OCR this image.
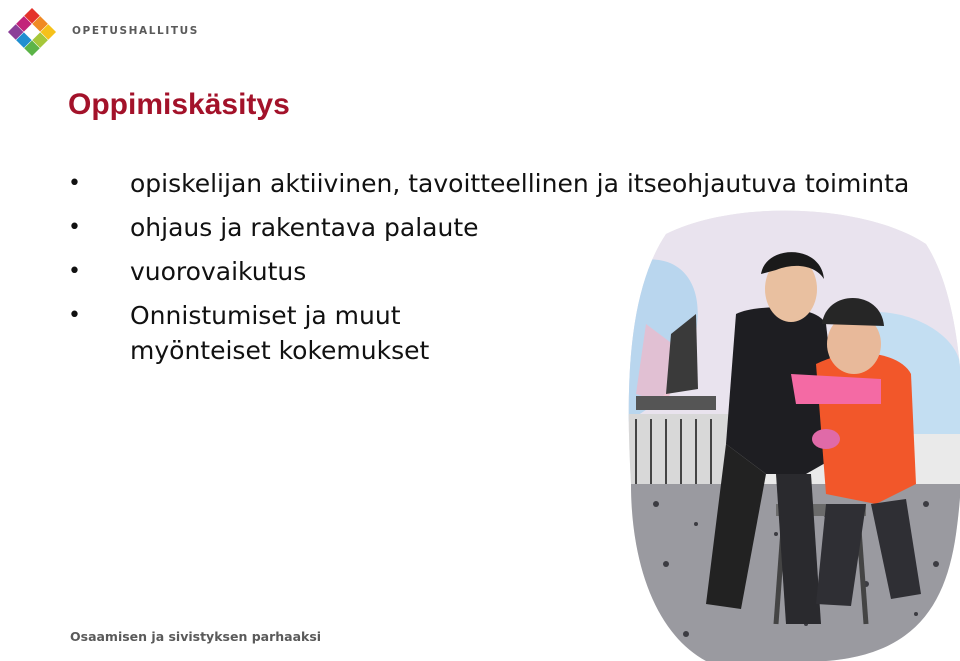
OPETUSHALLITUS
Oppimiskäsitys
• opiskelijan aktiivinen, tavoitteellinen ja itseohjautuva toiminta
• ohjaus ja rakentava palaute
• vuorovaikutus
• Onnistumiset ja muut
myönteiset kokemukset
Osaamisen ja sivistyksen parhaaksi
